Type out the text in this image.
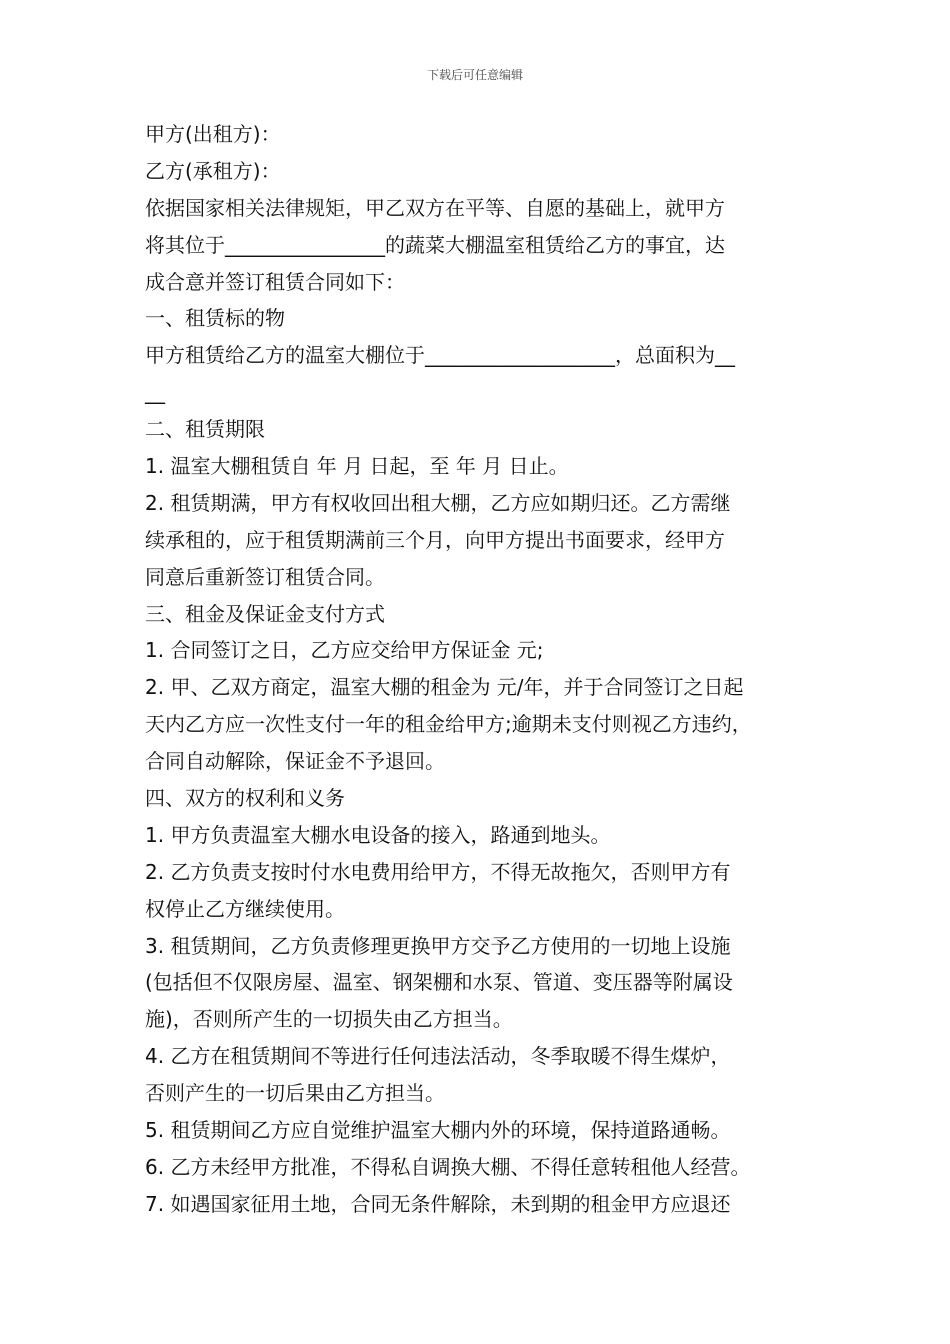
下载后可任意编辑
甲方(出租方)：
乙方(承租方)：
依据国家相关法律规矩，甲乙双方在平等、自愿的基础上，就甲方
将其位于________________的蔬菜大棚温室租赁给乙方的事宜，达
成合意并签订租赁合同如下：
一、租赁标的物
甲方租赁给乙方的温室大棚位于___________________，总面积为__
__
二、租赁期限
1. 温室大棚租赁自 年 月 日起，至 年 月 日止。
2. 租赁期满，甲方有权收回出租大棚，乙方应如期归还。乙方需继
续承租的，应于租赁期满前三个月，向甲方提出书面要求，经甲方
同意后重新签订租赁合同。
三、租金及保证金支付方式
1. 合同签订之日，乙方应交给甲方保证金 元;
2. 甲、乙双方商定，温室大棚的租金为 元/年，并于合同签订之日起
天内乙方应一次性支付一年的租金给甲方;逾期未支付则视乙方违约，
合同自动解除，保证金不予退回。
四、双方的权利和义务
1. 甲方负责温室大棚水电设备的接入，路通到地头。
2. 乙方负责支按时付水电费用给甲方，不得无故拖欠，否则甲方有
权停止乙方继续使用。
3. 租赁期间，乙方负责修理更换甲方交予乙方使用的一切地上设施
(包括但不仅限房屋、温室、钢架棚和水泵、管道、变压器等附属设
施)，否则所产生的一切损失由乙方担当。
4. 乙方在租赁期间不等进行任何违法活动，冬季取暖不得生煤炉，
否则产生的一切后果由乙方担当。
5. 租赁期间乙方应自觉维护温室大棚内外的环境，保持道路通畅。
6. 乙方未经甲方批准，不得私自调换大棚、不得任意转租他人经营。
7. 如遇国家征用土地，合同无条件解除，未到期的租金甲方应退还
